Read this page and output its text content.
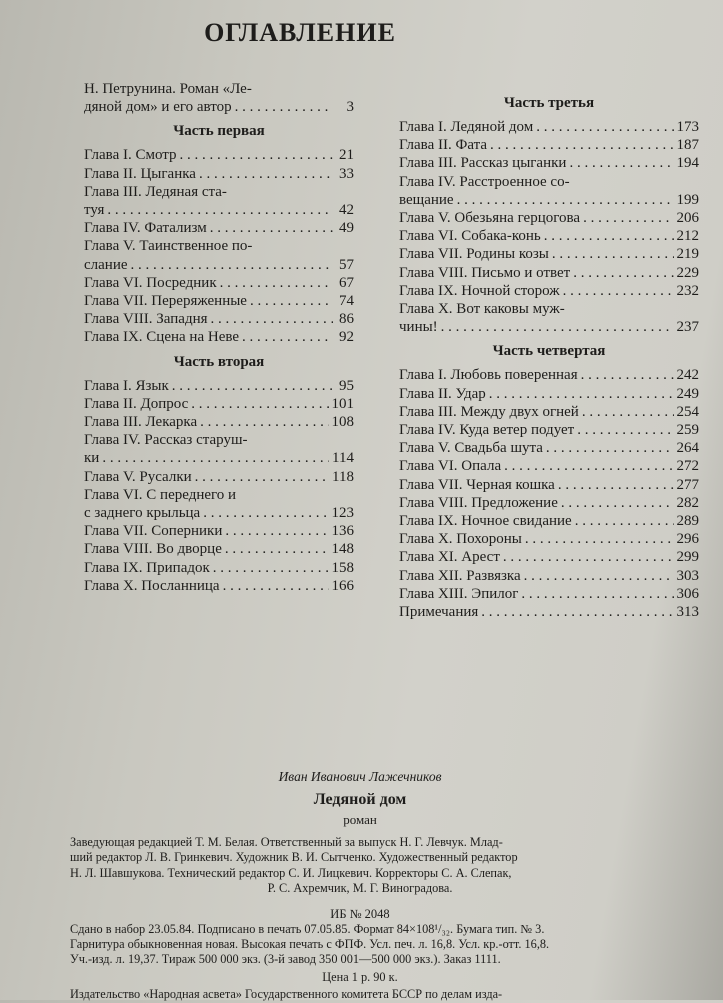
ОГЛАВЛЕНИЕ
Н. Петрунина. Роман «Ле-
дяной дом» и его автор . . .	3
Часть первая
Глава I. Смотр . . .	21
Глава II. Цыганка . . .	33
Глава III. Ледяная ста-
туя . . .	42
Глава IV. Фатализм . . .	49
Глава V. Таинственное по-
слание . . .	57
Глава VI. Посредник . . .	67
Глава VII. Переряженные . . .	74
Глава VIII. Западня . . .	86
Глава IX. Сцена на Неве . . .	92
Часть вторая
Глава I. Язык . . .	95
Глава II. Допрос . . .	101
Глава III. Лекарка . . .	108
Глава IV. Рассказ старуш-
ки . . .	114
Глава V. Русалки . . .	118
Глава VI. С переднего и
с заднего крыльца . . .	123
Глава VII. Соперники . . .	136
Глава VIII. Во дворце . . .	148
Глава IX. Припадок . . .	158
Глава X. Посланница . . .	166
Часть третья
Глава I. Ледяной дом . . .	173
Глава II. Фата . . .	187
Глава III. Рассказ цыганки . . .	194
Глава IV. Расстроенное со-
вещание . . .	199
Глава V. Обезьяна герцогова . . .	206
Глава VI. Собака-конь . . .	212
Глава VII. Родины козы . . .	219
Глава VIII. Письмо и ответ . . .	229
Глава IX. Ночной сторож . . .	232
Глава X. Вот каковы муж-
чины! . . .	237
Часть четвертая
Глава I. Любовь поверенная . . .	242
Глава II. Удар . . .	249
Глава III. Между двух огней . . .	254
Глава IV. Куда ветер подует . . .	259
Глава V. Свадьба шута . . .	264
Глава VI. Опала . . .	272
Глава VII. Черная кошка . . .	277
Глава VIII. Предложение . . .	282
Глава IX. Ночное свидание . . .	289
Глава X. Похороны . . .	296
Глава XI. Арест . . .	299
Глава XII. Развязка . . .	303
Глава XIII. Эпилог . . .	306
Примечания . . .	313
Иван Иванович Лажечников
Ледяной дом
роман
Заведующая редакцией Т. М. Белая. Ответственный за выпуск Н. Г. Левчук. Млад-
ший редактор Л. В. Гринкевич. Художник В. И. Сытченко. Художественный редактор
Н. Л. Шавшукова. Технический редактор С. И. Лицкевич. Корректоры С. А. Слепак,
Р. С. Ахремчик, М. Г. Виноградова.
ИБ № 2048
Сдано в набор 23.05.84. Подписано в печать 07.05.85. Формат 84×108¹/₃₂. Бумага тип. № 3.
Гарнитура обыкновенная новая. Высокая печать с ФПФ. Усл. печ. л. 16,8. Усл. кр.-отт. 16,8.
Уч.-изд. л. 19,37. Тираж 500 000 экз. (3-й завод 350 001—500 000 экз.). Заказ 1111.
Цена 1 р. 90 к.
Издательство «Народная асвета» Государственного комитета БССР по делам изда-
